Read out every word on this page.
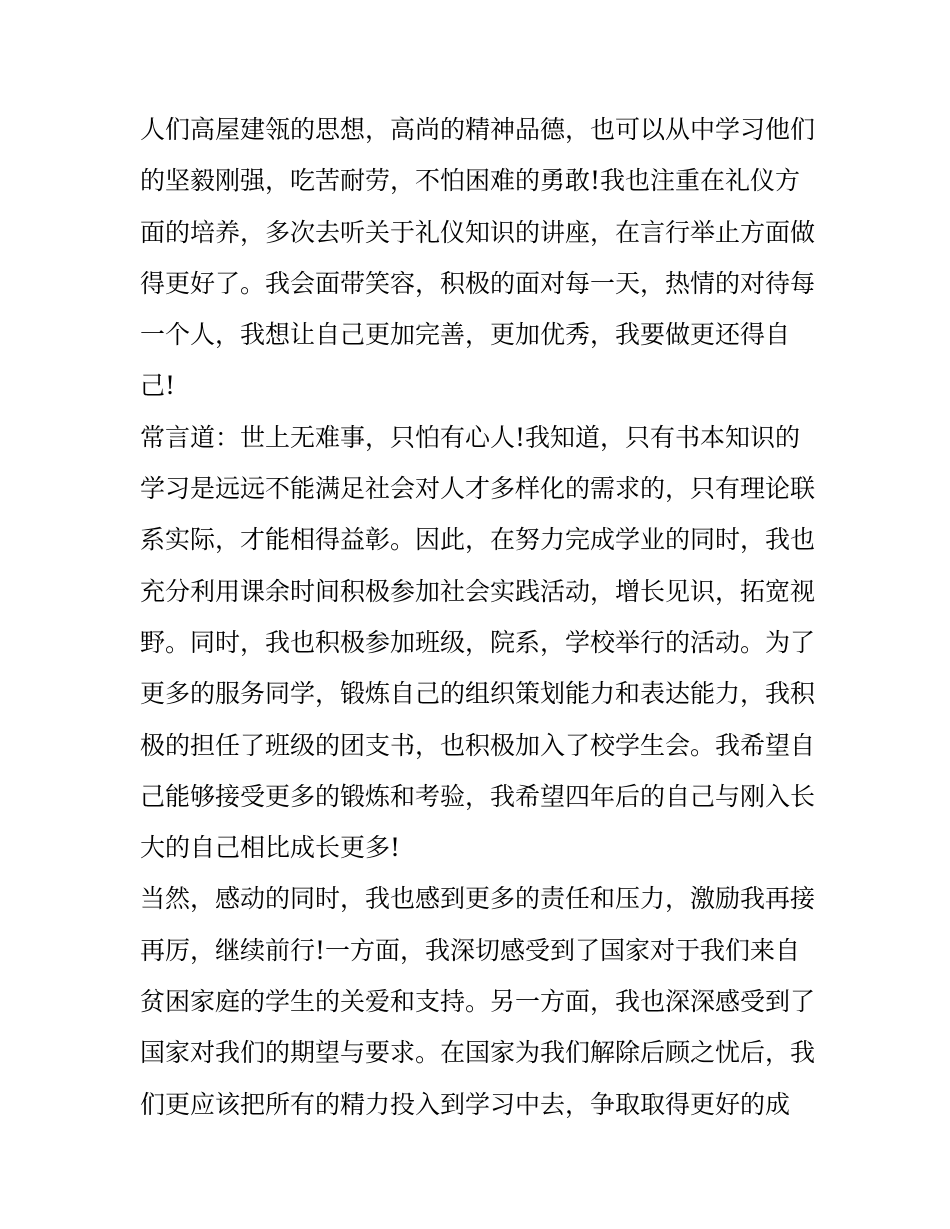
人们高屋建瓴的思想，高尚的精神品德，也可以从中学习他们
的坚毅刚强，吃苦耐劳，不怕困难的勇敢!我也注重在礼仪方
面的培养，多次去听关于礼仪知识的讲座，在言行举止方面做
得更好了。我会面带笑容，积极的面对每一天，热情的对待每
一个人，我想让自己更加完善，更加优秀，我要做更还得自
己!
常言道：世上无难事，只怕有心人!我知道，只有书本知识的
学习是远远不能满足社会对人才多样化的需求的，只有理论联
系实际，才能相得益彰。因此，在努力完成学业的同时，我也
充分利用课余时间积极参加社会实践活动，增长见识，拓宽视
野。同时，我也积极参加班级，院系，学校举行的活动。为了
更多的服务同学，锻炼自己的组织策划能力和表达能力，我积
极的担任了班级的团支书，也积极加入了校学生会。我希望自
己能够接受更多的锻炼和考验，我希望四年后的自己与刚入长
大的自己相比成长更多!
当然，感动的同时，我也感到更多的责任和压力，激励我再接
再厉，继续前行!一方面，我深切感受到了国家对于我们来自
贫困家庭的学生的关爱和支持。另一方面，我也深深感受到了
国家对我们的期望与要求。在国家为我们解除后顾之忧后，我
们更应该把所有的精力投入到学习中去，争取取得更好的成
